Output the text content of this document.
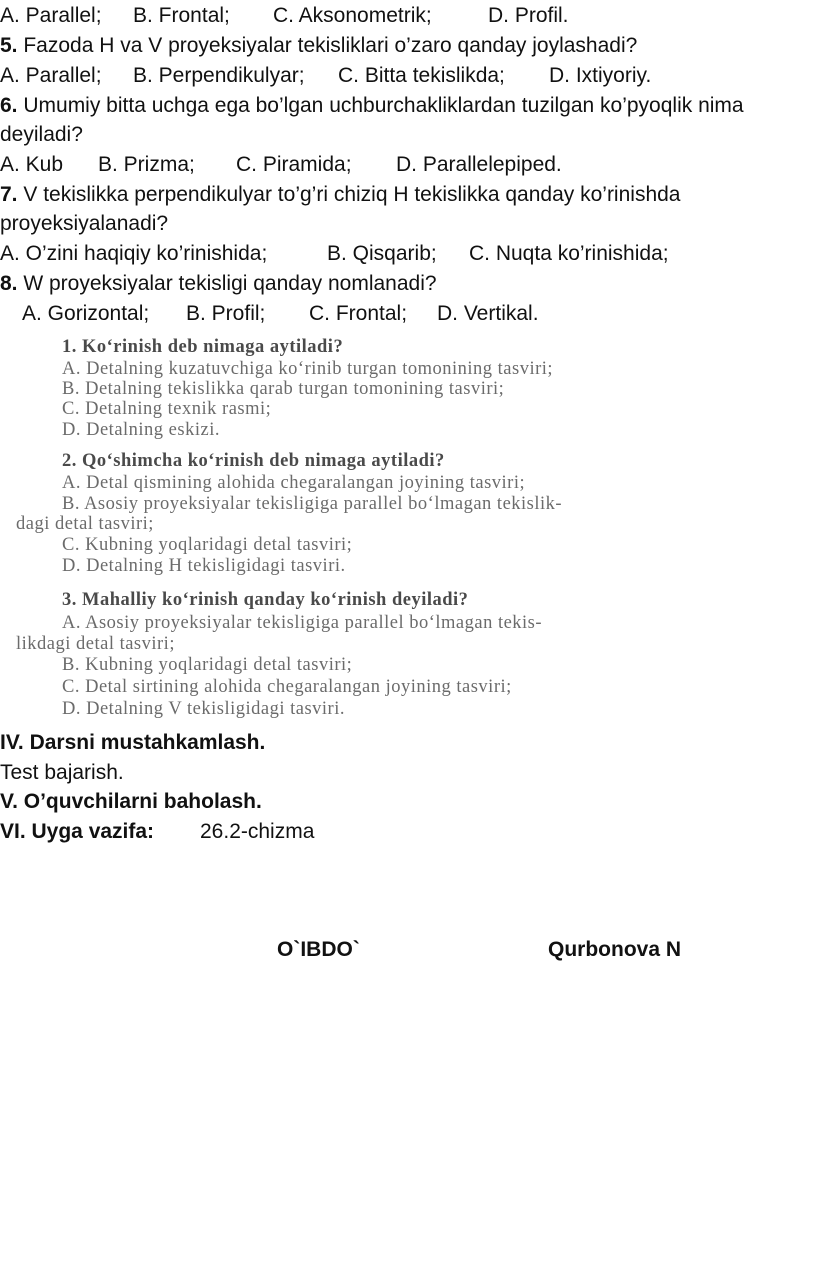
A. Parallel; B. Frontal; C. Aksonometrik;	D. Profil.
5. Fazoda H va V proyeksiyalar tekisliklari o’zaro qanday joylashadi?
A. Parallel; B. Perpendikulyar; C. Bitta tekislikda; D. Ixtiyoriy.
6. Umumiy bitta uchga ega bo’lgan uchburchakliklardan tuzilgan ko’pyoqlik nima
deyiladi?
A. Kub B. Prizma; C. Piramida; D. Parallelepiped.
7. V tekislikka perpendikulyar to’g’ri chiziq H tekislikka qanday ko’rinishda
proyeksiyalanadi?
A. O’zini haqiqiy ko’rinishida;	B. Qisqarib; C. Nuqta ko’rinishida;
8. W proyeksiyalar tekisligi qanday nomlanadi?
A. Gorizontal; B. Profil; C. Frontal; D. Vertikal.
1. Ko‘rinish deb nimaga aytiladi?
A. Detalning kuzatuvchiga ko‘rinib turgan tomonining tasviri;
B. Detalning tekislikka qarab turgan tomonining tasviri;
C. Detalning texnik rasmi;
D. Detalning eskizi.
2. Qo‘shimcha ko‘rinish deb nimaga aytiladi?
A. Detal qismining alohida chegaralangan joyining tasviri;
B. Asosiy proyeksiyalar tekisligiga parallel bo‘lmagan tekislik-
dagi detal tasviri;
C. Kubning yoqlaridagi detal tasviri;
D. Detalning H tekisligidagi tasviri.
3. Mahalliy ko‘rinish qanday ko‘rinish deyiladi?
A. Asosiy proyeksiyalar tekisligiga parallel bo‘lmagan tekis-
likdagi detal tasviri;
B. Kubning yoqlaridagi detal tasviri;
C. Detal sirtining alohida chegaralangan joyining tasviri;
D. Detalning V tekisligidagi tasviri.
IV. Darsni mustahkamlash.
Test bajarish.
V. O’quvchilarni baholash.
VI. Uyga vazifa: 26.2-chizma
O`IBDO`	Qurbonova N
